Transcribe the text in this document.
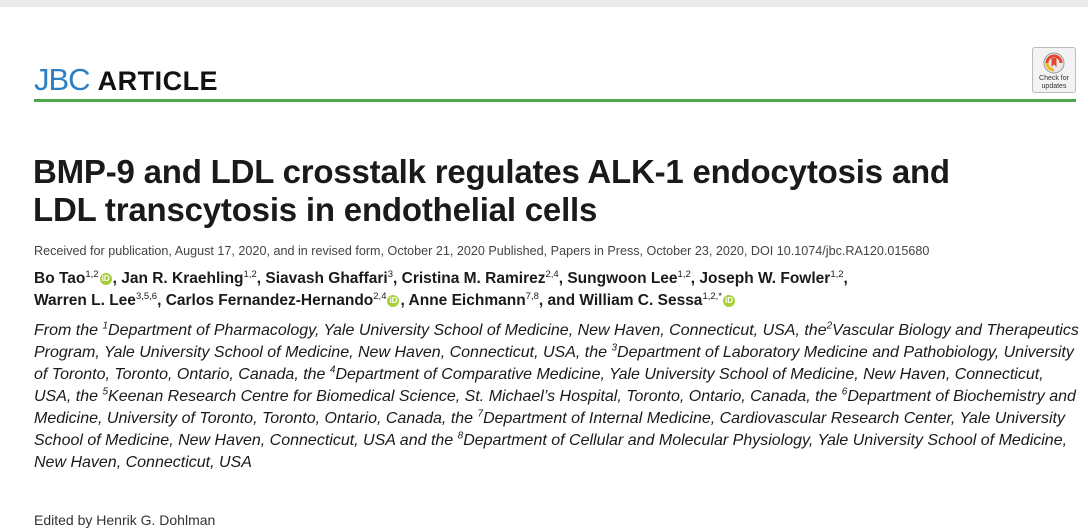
JBC ARTICLE	Check for
updates
BMP-9 and LDL crosstalk regulates ALK-1 endocytosis and
LDL transcytosis in endothelial cells
Received for publication, August 17, 2020, and in revised form, October 21, 2020 Published, Papers in Press, October 23, 2020, DOI 10.1074/jbc.RA120.015680
Bo Tao$^{1,2}$ iD , Jan R. Kraehling$^{1,2}$, Siavash Ghaffari$^3$, Cristina M. Ramirez$^{2,4}$, Sungwoon Lee$^{1,2}$, Joseph W. Fowler$^{1,2}$,
Warren L. Lee$^{3,5,6}$, Carlos Fernandez-Hernando$^{2,4}$ iD , Anne Eichmann$^{7,8}$, and William C. Sessa$^{1,2,*}$ iD
From the $^1$Department of Pharmacology, Yale University School of Medicine, New Haven, Connecticut, USA, the$^2$Vascular Biology and Therapeutics Program, Yale University School of Medicine, New Haven, Connecticut, USA, the $^3$Department of Laboratory Medicine and Pathobiology, University of Toronto, Toronto, Ontario, Canada, the $^4$Department of Comparative Medicine, Yale University School of Medicine, New Haven, Connecticut, USA, the $^5$Keenan Research Centre for Biomedical Science, St. Michael’s Hospital, Toronto, Ontario, Canada, the $^6$Department of Biochemistry and Medicine, University of Toronto, Toronto, Ontario, Canada, the $^7$Department of Internal Medicine, Cardiovascular Research Center, Yale University School of Medicine, New Haven, Connecticut, USA and the $^8$Department of Cellular and Molecular Physiology, Yale University School of Medicine, New Haven, Connecticut, USA
Edited by Henrik G. Dohlman
